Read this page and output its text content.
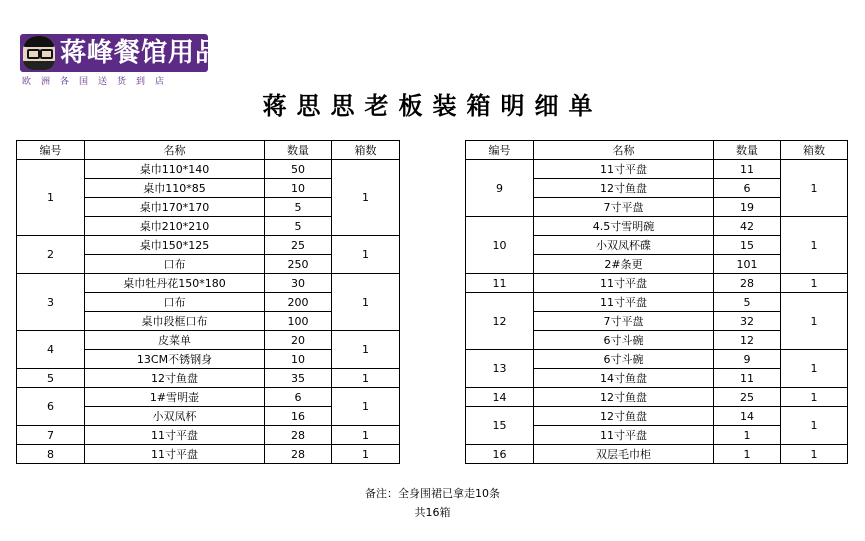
蒋峰餐馆用品
欧洲各国送货到店
蒋思思老板装箱明细单
编号	名称	数量	箱数
1	桌巾110*140	50	1
	桌巾110*85	10	
	桌巾170*170	5	
	桌巾210*210	5	
2	桌巾150*125	25	1
	口布	250	
3	桌巾牡丹花150*180	30	1
	口布	200	
	桌巾段框口布	100	
4	皮菜单	20	1
	13CM不锈钢身	10	
5	12寸鱼盘	35	1
6	1#雪明壶	6	1
	小双凤杯	16	
7	11寸平盘	28	1
8	11寸平盘	28	1
编号	名称	数量	箱数
9	11寸平盘	11	1
	12寸鱼盘	6	
	7寸平盘	19	
10	4.5寸雪明碗	42	1
	小双凤杯碟	15	
	2#条更	101	
11	11寸平盘	28	1
12	11寸平盘	5	1
	7寸平盘	32	
	6寸斗碗	12	
13	6寸斗碗	9	1
	14寸鱼盘	11	
14	12寸鱼盘	25	1
15	12寸鱼盘	14	1
	11寸平盘	1	
16	双层毛巾柜	1	1
备注：全身围裙已拿走10条
共16箱
